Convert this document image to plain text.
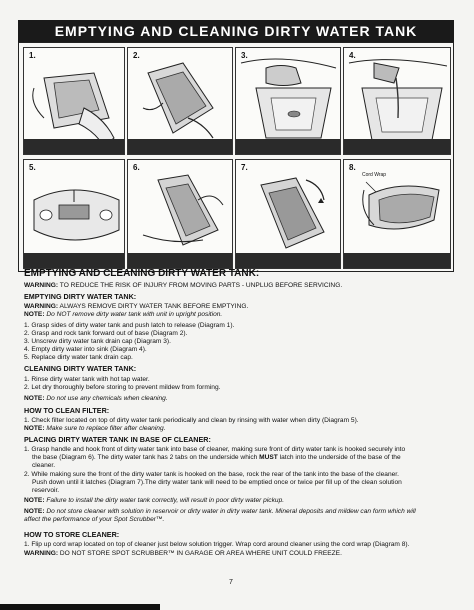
EMPTYING AND CLEANING DIRTY WATER TANK
1.	2.	3.	4.
5.	6.	7.	8.
Cord Wrap
EMPTYING AND CLEANING DIRTY WATER TANK:
WARNING: TO REDUCE THE RISK OF INJURY FROM MOVING PARTS - UNPLUG BEFORE SERVICING.
EMPTYING DIRTY WATER TANK:
WARNING: ALWAYS REMOVE DIRTY WATER TANK BEFORE EMPTYING.
NOTE: Do NOT remove dirty water tank with unit in upright position.
1. Grasp sides of dirty water tank and push latch to release (Diagram 1).
2. Grasp and rock tank forward out of base (Diagram 2).
3. Unscrew dirty water tank drain cap (Diagram 3).
4. Empty dirty water into sink (Diagram 4).
5. Replace dirty water tank drain cap.
CLEANING DIRTY WATER TANK:
1. Rinse dirty water tank with hot tap water.
2. Let dry thoroughly before storing to prevent mildew from forming.
NOTE: Do not use any chemicals when cleaning.
HOW TO CLEAN FILTER:
1. Check filter located on top of dirty water tank periodically and clean by rinsing with water when dirty (Diagram 5).
NOTE: Make sure to replace filter after cleaning.
PLACING DIRTY WATER TANK IN BASE OF CLEANER:
1. Grasp handle and hook front of dirty water tank into base of cleaner, making sure front of dirty water tank is hooked securely into
the base (Diagram 6). The dirty water tank has 2 tabs on the underside which MUST latch into the underside of the base of the
cleaner.
2. While making sure the front of the dirty water tank is hooked on the base, rock the rear of the tank into the base of the cleaner.
Push down until it latches (Diagram 7).The dirty water tank will need to be emptied once or twice per fill up of the clean solution
reservoir.
NOTE: Failure to install the dirty water tank correctly, will result in poor dirty water pickup.
NOTE: Do not store cleaner with solution in reservoir or dirty water in dirty water tank. Mineral deposits and mildew can form which will
affect the performance of your Spot Scrubber™.
HOW TO STORE CLEANER:
1. Flip up cord wrap located on top of cleaner just below solution trigger. Wrap cord around cleaner using the cord wrap (Diagram 8).
WARNING: DO NOT STORE SPOT SCRUBBER™ IN GARAGE OR AREA WHERE UNIT COULD FREEZE.
7
